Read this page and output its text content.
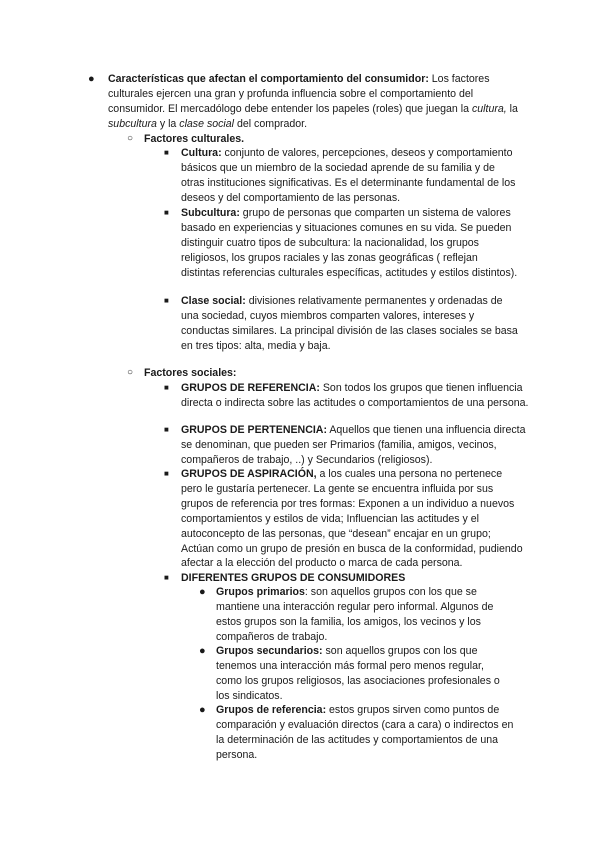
● Características que afectan el comportamiento del consumidor: Los factores culturales ejercen una gran y profunda influencia sobre el comportamiento del consumidor. El mercadólogo debe entender los papeles (roles) que juegan la cultura, la subcultura y la clase social del comprador.

○ Factores culturales.

■ Cultura: conjunto de valores, percepciones, deseos y comportamiento básicos que un miembro de la sociedad aprende de su familia y de otras instituciones significativas. Es el determinante fundamental de los deseos y del comportamiento de las personas.

■ Subcultura: grupo de personas que comparten un sistema de valores basado en experiencias y situaciones comunes en su vida. Se pueden distinguir cuatro tipos de subcultura: la nacionalidad, los grupos religiosos, los grupos raciales y las zonas geográficas ( reflejan distintas referencias culturales específicas, actitudes y estilos distintos).

■ Clase social: divisiones relativamente permanentes y ordenadas de una sociedad, cuyos miembros comparten valores, intereses y conductas similares. La principal división de las clases sociales se basa en tres tipos: alta, media y baja.

○ Factores sociales:

■ GRUPOS DE REFERENCIA: Son todos los grupos que tienen influencia directa o indirecta sobre las actitudes o comportamientos de una persona.

■ GRUPOS DE PERTENENCIA: Aquellos que tienen una influencia directa se denominan, que pueden ser Primarios (familia, amigos, vecinos, compañeros de trabajo, ..) y Secundarios (religiosos).

■ GRUPOS DE ASPIRACIÓN, a los cuales una persona no pertenece pero le gustaría pertenecer. La gente se encuentra influida por sus grupos de referencia por tres formas: Exponen a un individuo a nuevos comportamientos y estilos de vida; Influencian las actitudes y el autoconcepto de las personas, que “desean” encajar en un grupo; Actúan como un grupo de presión en busca de la conformidad, pudiendo afectar a la elección del producto o marca de cada persona.

■ DIFERENTES GRUPOS DE CONSUMIDORES

● Grupos primarios: son aquellos grupos con los que se mantiene una interacción regular pero informal. Algunos de estos grupos son la familia, los amigos, los vecinos y los compañeros de trabajo.

● Grupos secundarios: son aquellos grupos con los que tenemos una interacción más formal pero menos regular, como los grupos religiosos, las asociaciones profesionales o los sindicatos.

● Grupos de referencia: estos grupos sirven como puntos de comparación y evaluación directos (cara a cara) o indirectos en la determinación de las actitudes y comportamientos de una persona.
